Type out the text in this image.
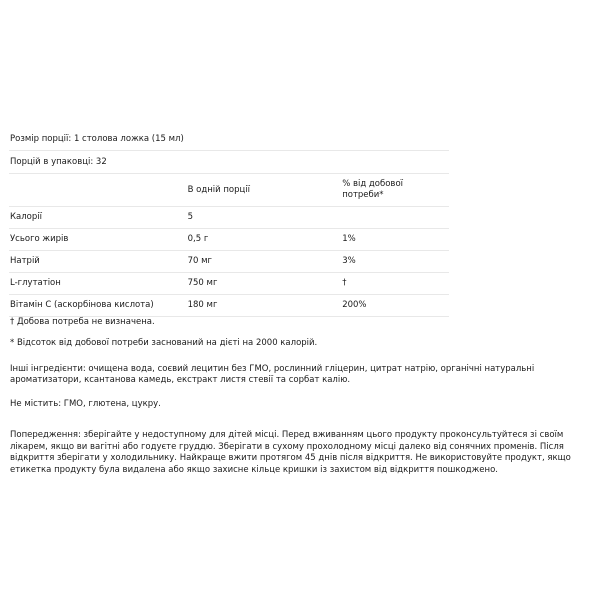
Розмір порції: 1 столова ложка (15 мл)		
Порцій в упаковці: 32		
	В одній порції	% від добової
потреби*

Калорії	5	
Усього жирів	0,5 г	1%
Натрій	70 мг	3%
L-глутатіон	750 мг	†
Вітамін C (аскорбінова кислота)	180 мг	200%

† Добова потреба не визначена.

* Відсоток від добової потреби заснований на дієті на 2000 калорій.

Інші інгредієнти: очищена вода, соєвий лецитин без ГМО, рослинний гліцерин, цитрат натрію, органічні натуральні ароматизатори, ксантанова камедь, екстракт листя стевії та сорбат калію.

Не містить: ГМО, глютена, цукру.

Попередження: зберігайте у недоступному для дітей місці. Перед вживанням цього продукту проконсультуйтеся зі своїм лікарем, якщо ви вагітні або годуєте груддю. Зберігати в сухому прохолодному місці далеко від сонячних променів. Після відкриття зберігати у холодильнику. Найкраще вжити протягом 45 днів після відкриття. Не використовуйте продукт, якщо етикетка продукту була видалена або якщо захисне кільце кришки із захистом від відкриття пошкоджено.
